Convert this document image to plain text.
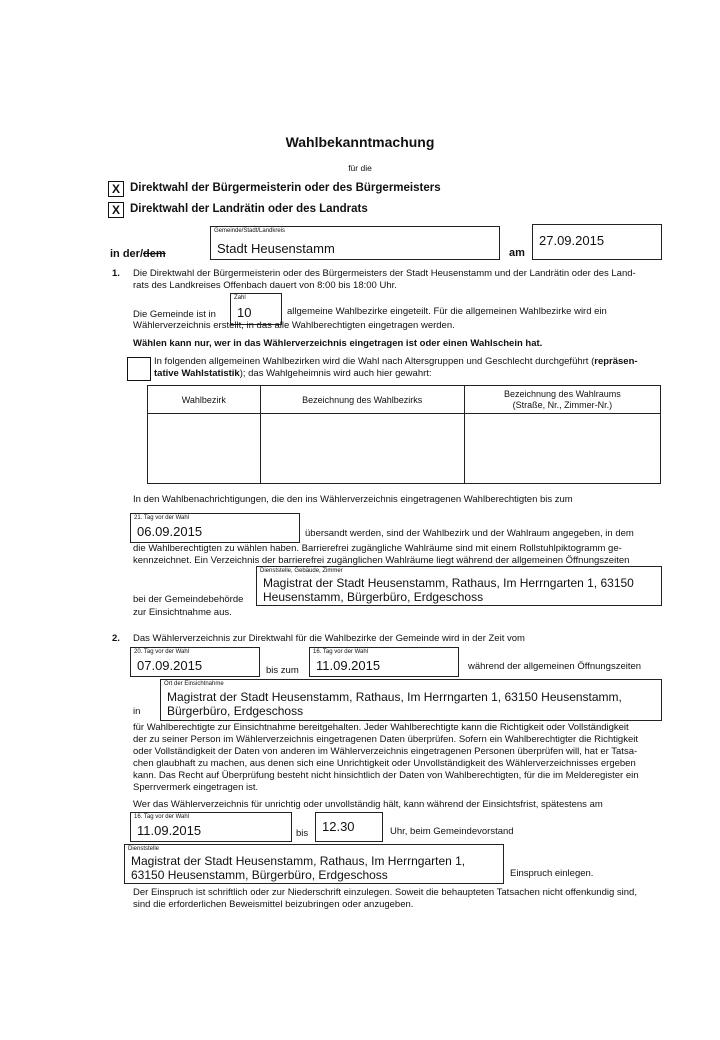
Wahlbekanntmachung
für die
X Direktwahl der Bürgermeisterin oder des Bürgermeisters
X Direktwahl der Landrätin oder des Landrats
in der/dem
Gemeinde/Stadt/Landkreis
Stadt Heusenstamm	am
27.09.2015
1. Die Direktwahl der Bürgermeisterin oder des Bürgermeisters der Stadt Heusenstamm und der Landrätin oder des Land-
rats des Landkreises Offenbach dauert von 8:00 bis 18:00 Uhr.
Die Gemeinde ist in
Zahl
10	allgemeine Wahlbezirke eingeteilt. Für die allgemeinen Wahlbezirke wird ein
Wählerverzeichnis erstellt, in das alle Wahlberechtigten eingetragen werden.
Wählen kann nur, wer in das Wählerverzeichnis eingetragen ist oder einen Wahlschein hat.
In folgenden allgemeinen Wahlbezirken wird die Wahl nach Altersgruppen und Geschlecht durchgeführt (repräsen-
tative Wahlstatistik); das Wahlgeheimnis wird auch hier gewahrt:
Wahlbezirk	Bezeichnung des Wahlbezirks	Bezeichnung des Wahlraums
(Straße, Nr., Zimmer-Nr.)

In den Wahlbenachrichtigungen, die den ins Wählerverzeichnis eingetragenen Wahlberechtigten bis zum
21. Tag vor der Wahl
06.09.2015	übersandt werden, sind der Wahlbezirk und der Wahlraum angegeben, in dem
die Wahlberechtigten zu wählen haben. Barrierefrei zugängliche Wahlräume sind mit einem Rollstuhlpiktogramm ge-
kennzeichnet. Ein Verzeichnis der barrierefrei zugänglichen Wahlräume liegt während der allgemeinen Öffnungszeiten
Dienststelle, Gebäude, Zimmer
Magistrat der Stadt Heusenstamm, Rathaus, Im Herrngarten 1, 63150
Heusenstamm, Bürgerbüro, Erdgeschoss
bei der Gemeindebehörde
zur Einsichtnahme aus.
2. Das Wählerverzeichnis zur Direktwahl für die Wahlbezirke der Gemeinde wird in der Zeit vom
20. Tag vor der Wahl
07.09.2015	bis zum
16. Tag vor der Wahl
11.09.2015	während der allgemeinen Öffnungszeiten
Ort der Einsichtnahme
Magistrat der Stadt Heusenstamm, Rathaus, Im Herrngarten 1, 63150 Heusenstamm,
Bürgerbüro, Erdgeschoss
in
für Wahlberechtigte zur Einsichtnahme bereitgehalten. Jeder Wahlberechtigte kann die Richtigkeit oder Vollständigkeit
der zu seiner Person im Wählerverzeichnis eingetragenen Daten überprüfen. Sofern ein Wahlberechtigter die Richtigkeit
oder Vollständigkeit der Daten von anderen im Wählerverzeichnis eingetragenen Personen überprüfen will, hat er Tatsa-
chen glaubhaft zu machen, aus denen sich eine Unrichtigkeit oder Unvollständigkeit des Wählerverzeichnisses ergeben
kann. Das Recht auf Überprüfung besteht nicht hinsichtlich der Daten von Wahlberechtigten, für die im Melderegister ein
Sperrvermerk eingetragen ist.
Wer das Wählerverzeichnis für unrichtig oder unvollständig hält, kann während der Einsichtsfrist, spätestens am
16. Tag vor der Wahl
11.09.2015	bis 12.30	Uhr, beim Gemeindevorstand
Dienststelle
Magistrat der Stadt Heusenstamm, Rathaus, Im Herrngarten 1,
63150 Heusenstamm, Bürgerbüro, Erdgeschoss	Einspruch einlegen.
Der Einspruch ist schriftlich oder zur Niederschrift einzulegen. Soweit die behaupteten Tatsachen nicht offenkundig sind,
sind die erforderlichen Beweismittel beizubringen oder anzugeben.
